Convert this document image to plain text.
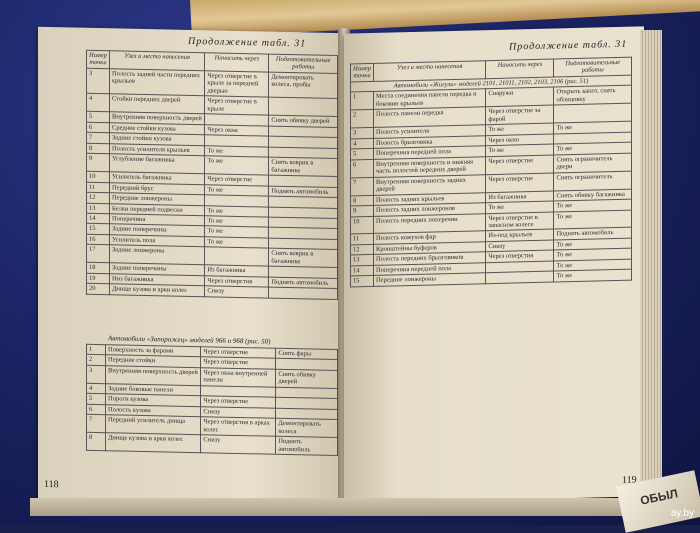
Продолжение табл. 31
Номер точки	Узел и место нанесения	Наносить через	Подготовительные работы
3	Полость задней части передних крыльев	Через отверстие в крыле за передней дверью	Демонтировать колеса, пробы
4	Стойки передних дверей	Через отверстие в крыле	
5	Внутренняя поверхность дверей		Снять обивку дверей
6	Средние стойки кузова	Через окна	
7	Задние стойки кузова		
8	Полость усилителя крыльев	То же	
9	Углубление багажника	То же	Снять коврик в багажнике
10	Усилитель багажника	Через отверстие	
11	Передний брус	То же	Поднять автомобиль
12	Передние лонжероны		
13	Белки передней подвески	То же	
14	Поперечина	То же	
15	Задние поперечины	То же	
16	Усилитель пола	То же	
17	Задние лонжероны		Снять коврик в багажнике
18	Задние поперечины	Из багажника	
19	Низ багажника	Через отверстия	Поднять автомобиль
20	Днище кузова и арки колес	Снизу	
Автомобили «Запорожец» моделей 966 и 968 (рис. 50)
1	Поверхность за фарами	Через отверстие	Снять фары
2	Передние стойки	Через отверстие	
3	Внутренняя поверхность дверей	Через окна внутренней панели	Снять обивку дверей
4	Задние боковые панели		
5	Пороги кузова	Через отверстие	
6	Полость кузова	Снизу	
7	Передний усилитель днища	Через отверстия в арках колес	Демонтировать колеса
8	Днище кузова и арки колес	Снизу	Поднять автомобиль
118
Продолжение табл. 31
Номер точки	Узел и место нанесения	Наносить через	Подготовительные работы
Автомобили «Жигули» моделей 2101, 21011, 2102, 2103, 2106 (рис. 51)			
1	Места соединения панели передка и боковин крыльев	Снаружи	Открыть капот, снять облицовку
2	Полость панели передка	Через отверстие за фарой	
3	Полость усилителя	То же	То же
4	Полость брызговика	Через окно	
5	Поперечина передней пола	То же	То же
6	Внутренняя поверхность и нижняя часть полостей передних дверей	Через отверстие	Снять ограничитель двери
7	Внутренняя поверхность задних дверей	Через отверстие	Снять ограничитель
8	Полость задних крыльев	Из багажника	Снять обивку багажника
9	Полость задних лонжеронов	То же	То же
10	Полость передних поперечин	Через отверстие в запасном колесе	То же
11	Полость кожухов фар	Из-под крыльев	Поднять автомобиль
12	Кронштейны буферов	Снизу	То же
13	Полость передних брызговиков	Через отверстия	То же
14	Поперечина передней пола		То же
15	Передние лонжероны		То же
119
ОБЫЛ
ay.by
